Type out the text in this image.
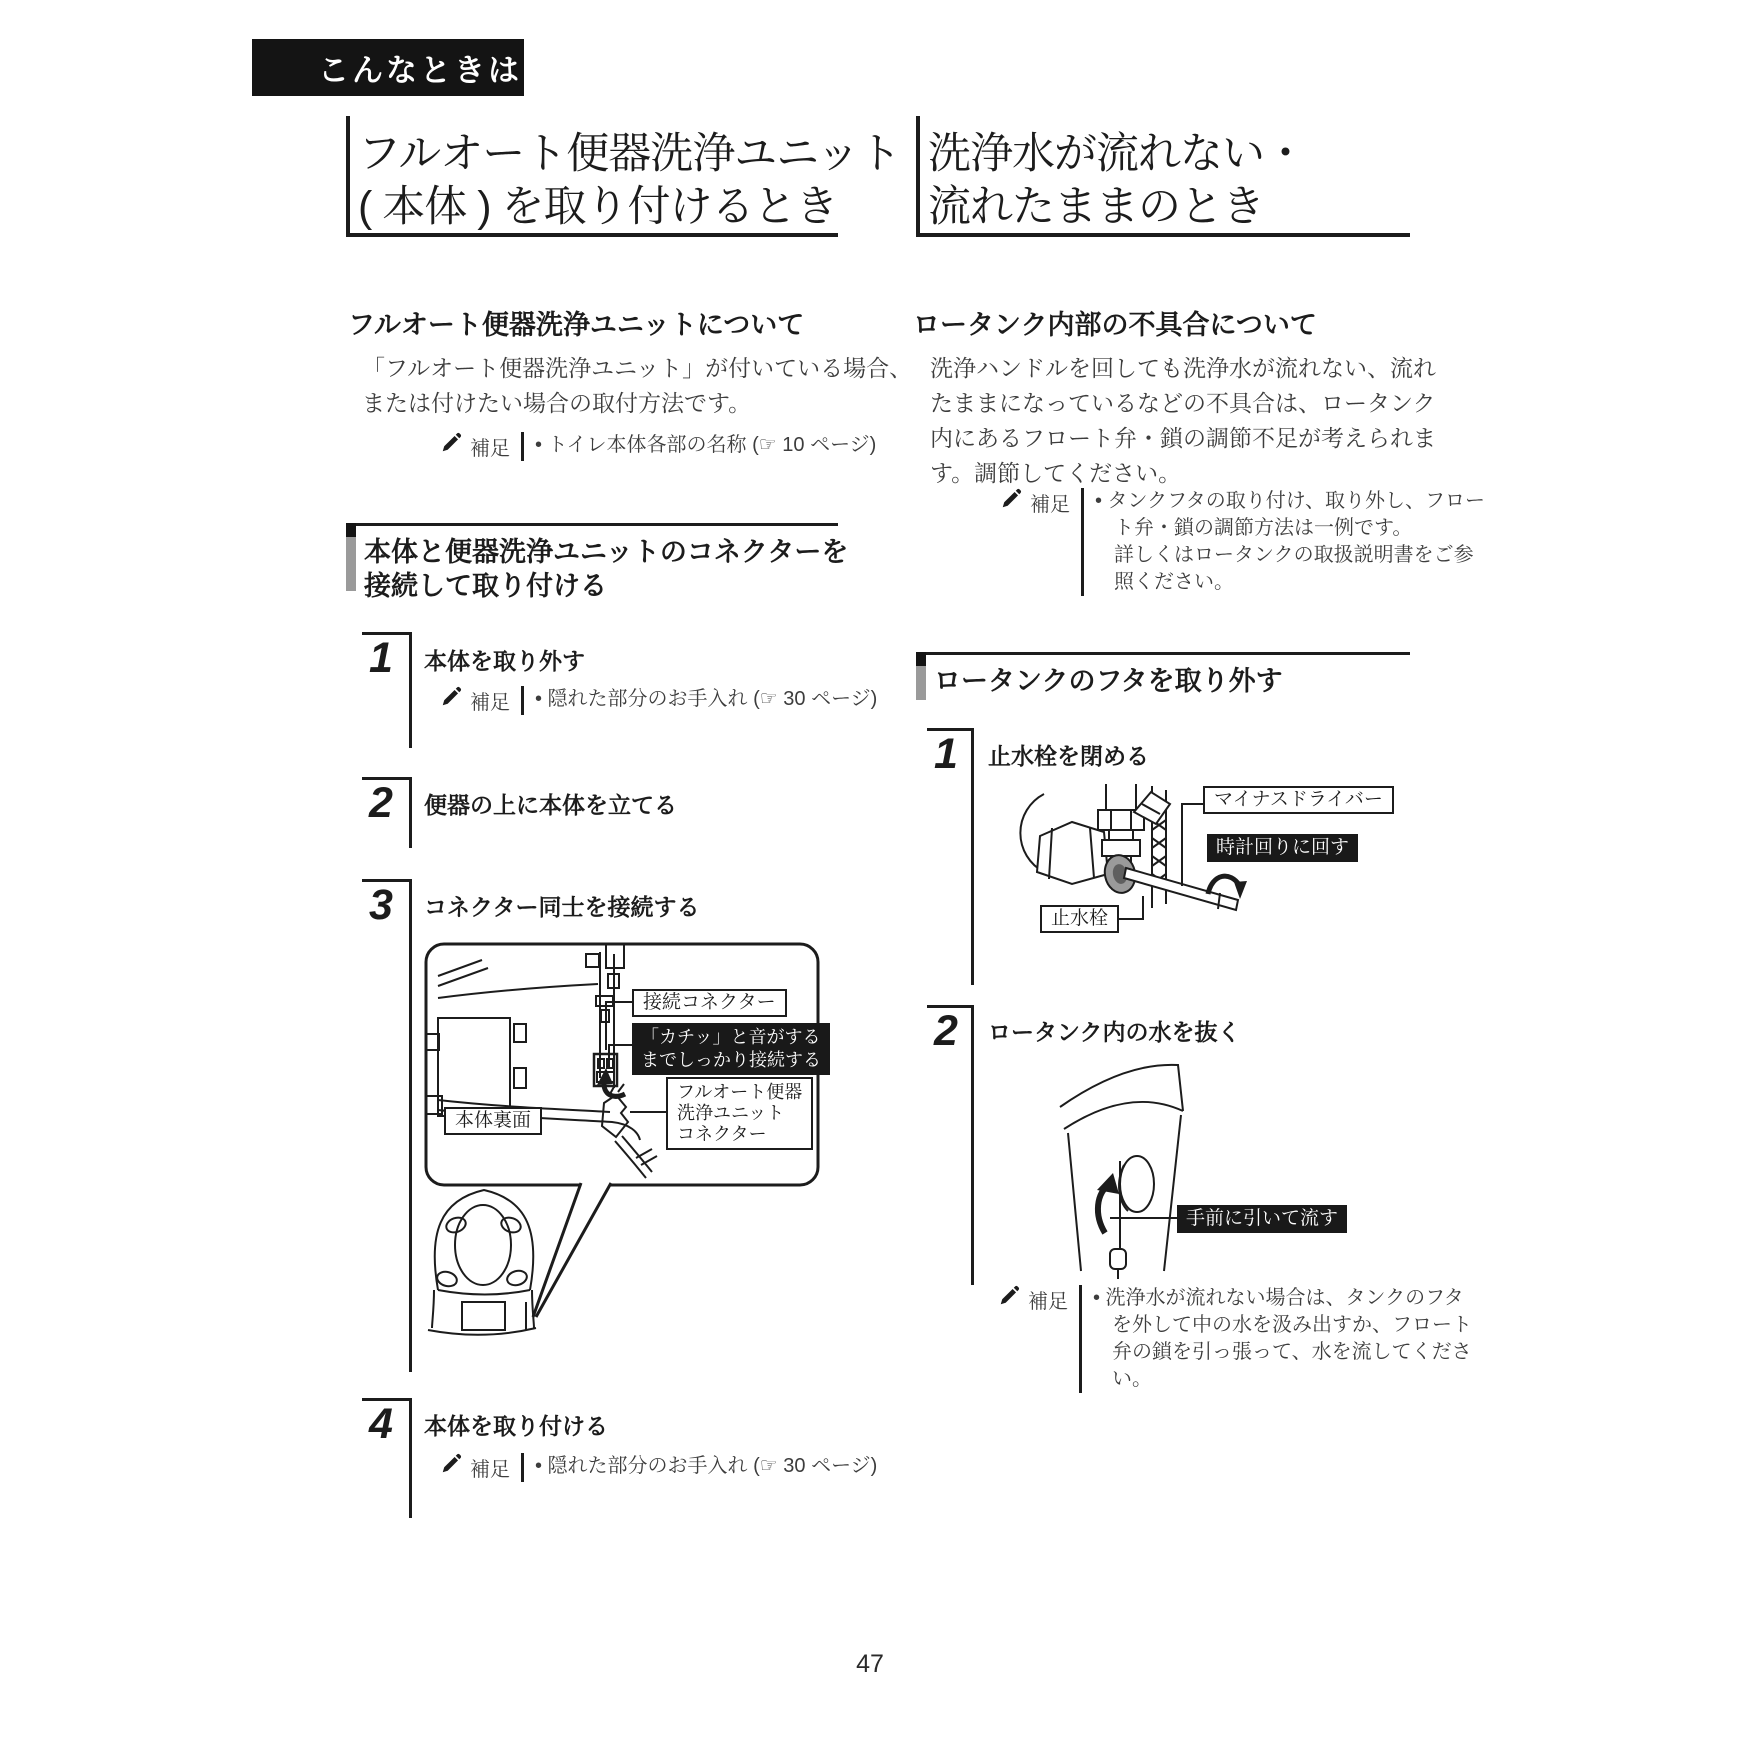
こんなときは
フルオート便器洗浄ユニット
( 本体 ) を取り付けるとき
フルオート便器洗浄ユニットについて
「フルオート便器洗浄ユニット」が付いている場合、
または付けたい場合の取付方法です。
補足 • トイレ本体各部の名称 (☞ 10 ページ)
本体と便器洗浄ユニットのコネクターを
接続して取り付ける
1 本体を取り外す
補足 • 隠れた部分のお手入れ (☞ 30 ページ)
2 便器の上に本体を立てる
3 コネクター同士を接続する
接続コネクター
「カチッ」と音がする
までしっかり接続する
フルオート便器
洗浄ユニット
コネクター
本体裏面
4 本体を取り付ける
補足 • 隠れた部分のお手入れ (☞ 30 ページ)
洗浄水が流れない・
流れたままのとき
ロータンク内部の不具合について
洗浄ハンドルを回しても洗浄水が流れない、流れ
たままになっているなどの不具合は、ロータンク
内にあるフロート弁・鎖の調節不足が考えられま
す。調節してください。
補足 • タンクフタの取り付け、取り外し、フロー
ト弁・鎖の調節方法は一例です。
詳しくはロータンクの取扱説明書をご参
照ください。
ロータンクのフタを取り外す
1 止水栓を閉める
マイナスドライバー
時計回りに回す
止水栓
2 ロータンク内の水を抜く
手前に引いて流す
補足 • 洗浄水が流れない場合は、タンクのフタ
を外して中の水を汲み出すか、フロート
弁の鎖を引っ張って、水を流してくださ
い。
47
